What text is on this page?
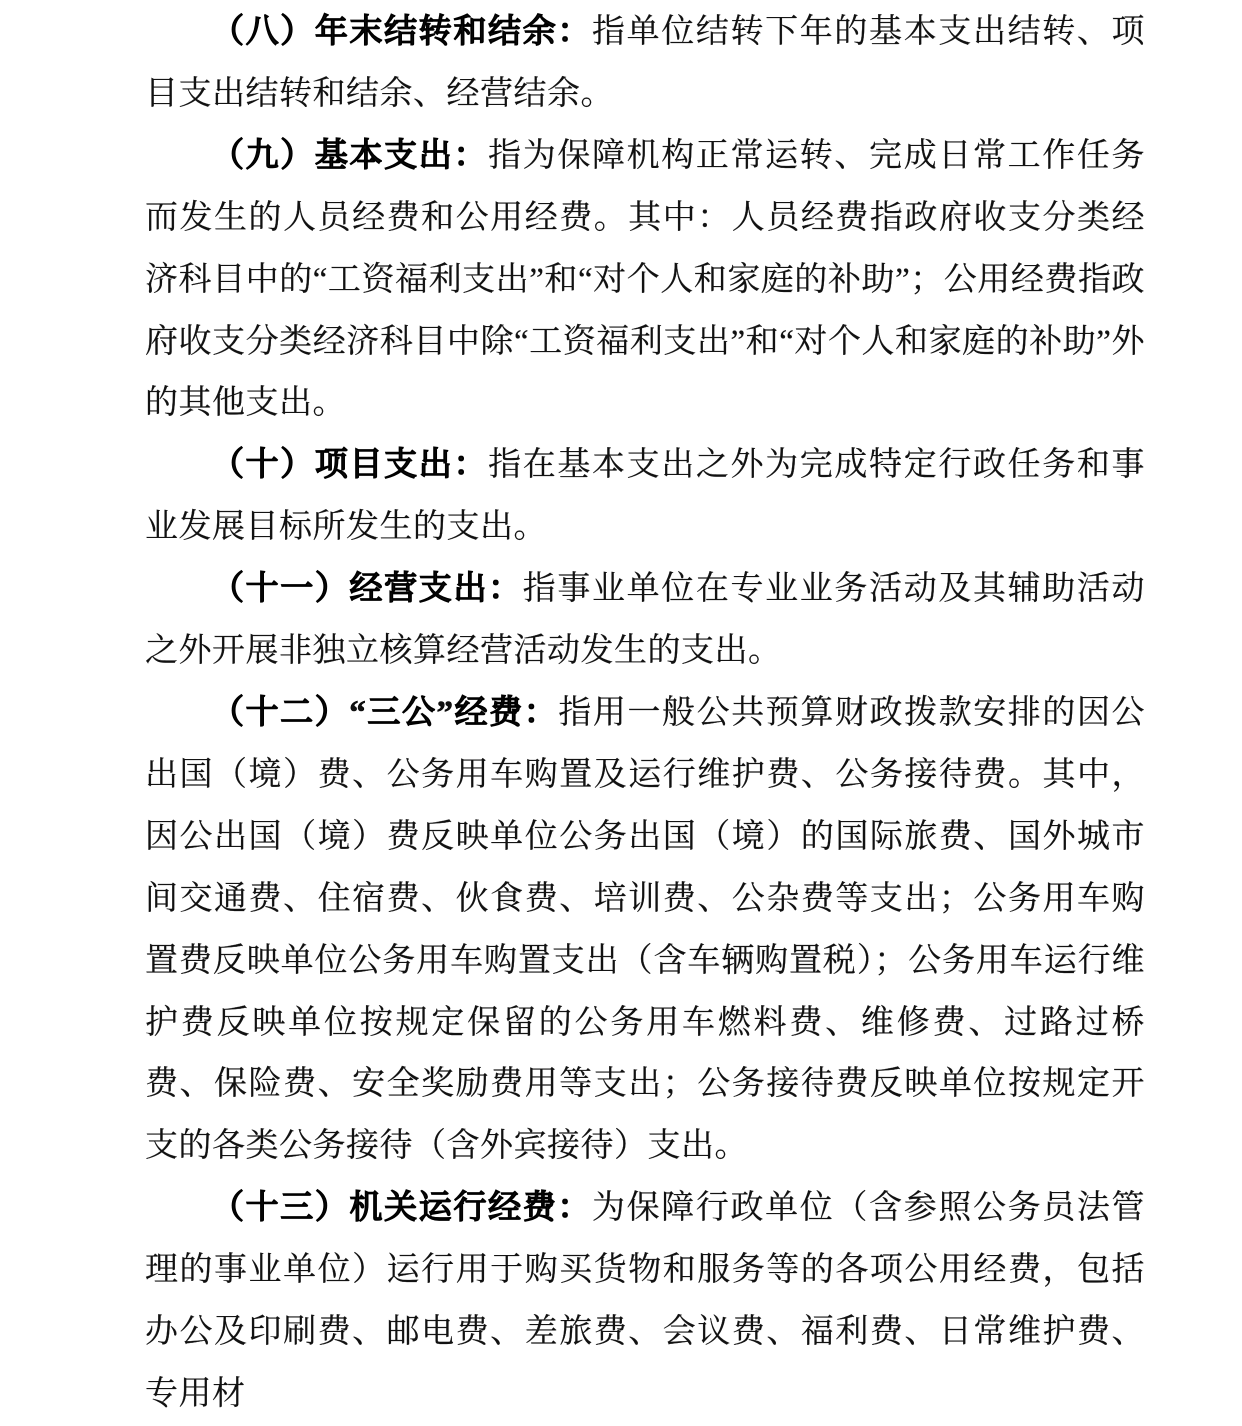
（八）年末结转和结余：指单位结转下年的基本支出结转、项目支出结转和结余、经营结余。

（九）基本支出：指为保障机构正常运转、完成日常工作任务而发生的人员经费和公用经费。其中：人员经费指政府收支分类经济科目中的“工资福利支出”和“对个人和家庭的补助”；公用经费指政府收支分类经济科目中除“工资福利支出”和“对个人和家庭的补助”外的其他支出。

（十）项目支出：指在基本支出之外为完成特定行政任务和事业发展目标所发生的支出。

（十一）经营支出：指事业单位在专业业务活动及其辅助活动之外开展非独立核算经营活动发生的支出。

（十二）“三公”经费：指用一般公共预算财政拨款安排的因公出国（境）费、公务用车购置及运行维护费、公务接待费。其中，因公出国（境）费反映单位公务出国（境）的国际旅费、国外城市间交通费、住宿费、伙食费、培训费、公杂费等支出；公务用车购置费反映单位公务用车购置支出（含车辆购置税）；公务用车运行维护费反映单位按规定保留的公务用车燃料费、维修费、过路过桥费、保险费、安全奖励费用等支出；公务接待费反映单位按规定开支的各类公务接待（含外宾接待）支出。

（十三）机关运行经费：为保障行政单位（含参照公务员法管理的事业单位）运行用于购买货物和服务等的各项公用经费，包括办公及印刷费、邮电费、差旅费、会议费、福利费、日常维护费、专用材
